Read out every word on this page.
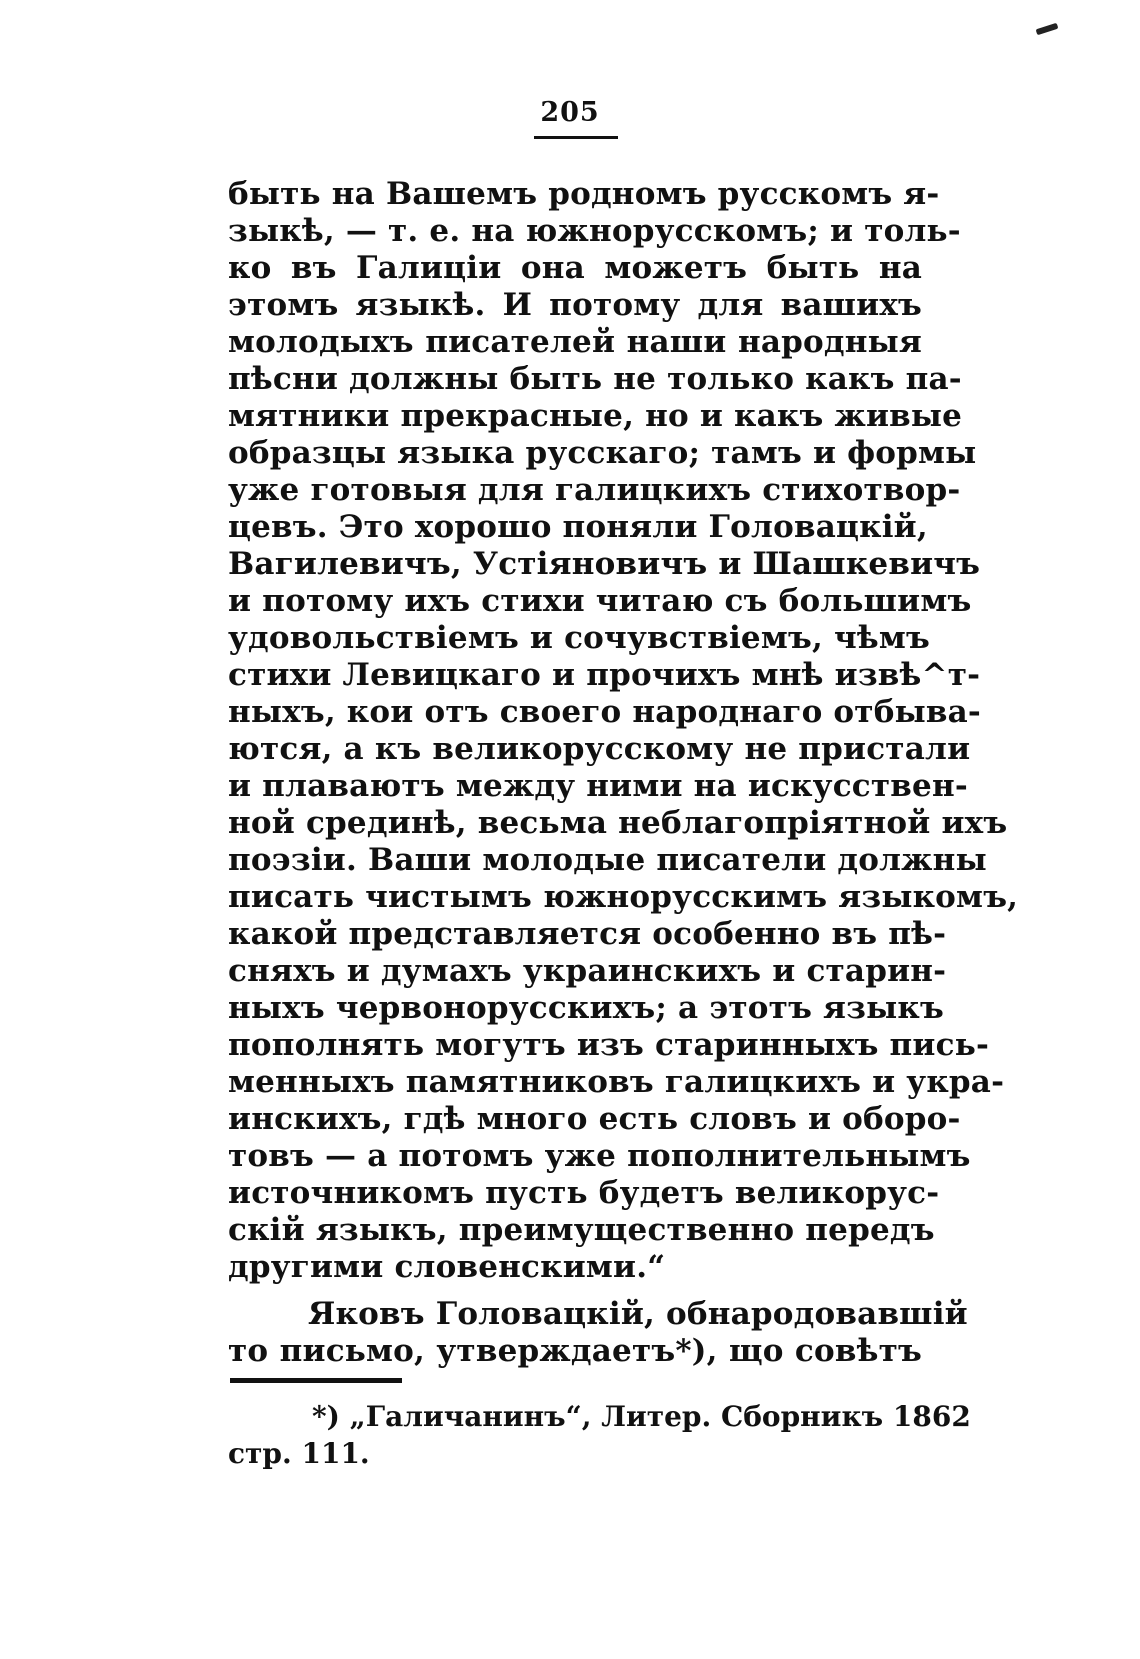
205
быть на Вашемъ родномъ русскомъ я-
зыкѣ, — т. е. на южнорусскомъ; и толь-
ко въ Галиціи она можетъ быть на
этомъ языкѣ. И потому для вашихъ
молодыхъ писателей наши народныя
пѣсни должны быть не только какъ па-
мятники прекрасные, но и какъ живые
образцы языка русскаго; тамъ и формы
уже готовыя для галицкихъ стихотвор-
цевъ. Это хорошо поняли Головацкій,
Вагилевичъ, Устіяновичъ и Шашкевичъ
и потому ихъ стихи читаю съ большимъ
удовольствіемъ и сочувствіемъ, чѣмъ
стихи Левицкаго и прочихъ мнѣ извѣ^т-
ныхъ, кои отъ своего народнаго отбыва-
ются, а къ великорусскому не пристали
и плаваютъ между ними на искусствен-
ной срединѣ, весьма неблагопріятной ихъ
поэзіи. Ваши молодые писатели должны
писать чистымъ южнорусскимъ языкомъ,
какой представляется особенно въ пѣ-
сняхъ и думахъ украинскихъ и старин-
ныхъ червонорусскихъ; а этотъ языкъ
пополнять могутъ изъ старинныхъ пись-
менныхъ памятниковъ галицкихъ и укра-
инскихъ, гдѣ много есть словъ и оборо-
товъ — а потомъ уже пополнительнымъ
источникомъ пусть будетъ великорус-
скій языкъ, преимущественно передъ
другими словенскими.“
Яковъ Головацкій, обнародовавшій
то письмо, утверждаетъ*), що совѣтъ
*) „Галичанинъ“, Литер. Сборникъ 1862
стр. 111.
